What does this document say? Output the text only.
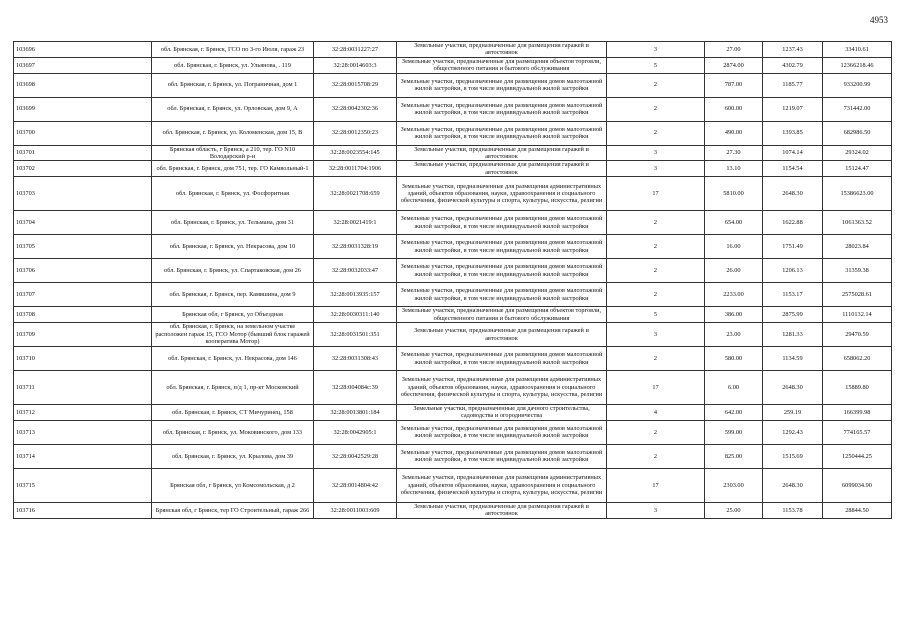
4953
103696	обл. Брянская, г. Брянск, ГСО по 3-го Июля, гараж 23	32:28:0031227:27	Земельные участки, предназначенные для размещения гаражей и автостоянок	3	27.00	1237.43	33410.61
103697	обл. Брянская, г. Брянск, ул. Ульянова, . 119	32:28:0014603:3	Земельные участки, предназначенные для размещения объектов торговли, общественного питания и бытового обслуживания	5	2874.00	4302.79	12366218.46
103698	обл. Брянская, г. Брянск, ул. Пограничная, дом 1	32:28:0015708:29	Земельные участки, предназначенные для размещения домов малоэтажной жилой застройки, в том числе индивидуальной жилой застройки	2	787.00	1185.77	933200.99
103699	обл. Брянская, г. Брянск, ул. Орловская, дом 9, А	32:28:0042302:36	Земельные участки, предназначенные для размещения домов малоэтажной жилой застройки, в том числе индивидуальной жилой застройки	2	600.00	1219.07	731442.00
103700	обл. Брянская, г. Брянск, ул. Коломенская, дом 15, В	32:28:0012350:23	Земельные участки, предназначенные для размещения домов малоэтажной жилой застройки, в том числе индивидуальной жилой застройки	2	490.00	1393.85	682986.50
103701	Брянская область, г Брянск, а 210, тер. ГО N10 Володарский р-н	32:28:0023554:145	Земельные участки, предназначенные для размещения гаражей и автостоянок	3	27.30	1074.14	29324.02
103702	обл. Брянская, г. Брянск, дом 751, тер. ГО Камвольный-1	32:28:0011704:1906	Земельные участки, предназначенные для размещения гаражей и автостоянок	3	13.10	1154.54	15124.47
103703	обл. Брянская, г. Брянск, ул. Фосфоритная	32:28:0021708:659	Земельные участки, предназначенные для размещения административных зданий, объектов образования, науки, здравоохранения и социального обеспечения, физической культуры и спорта, культуры, искусства, религии	17	5810.00	2648.30	15386623.00
103704	обл. Брянская, г. Брянск, ул. Тельмана, дом 31	32:28:0021419:1	Земельные участки, предназначенные для размещения домов малоэтажной жилой застройки, в том числе индивидуальной жилой застройки	2	654.00	1622.88	1061363.52
103705	обл. Брянская, г. Брянск, ул. Некрасова, дом 10	32:28:0031328:19	Земельные участки, предназначенные для размещения домов малоэтажной жилой застройки, в том числе индивидуальной жилой застройки	2	16.00	1751.49	28023.84
103706	обл. Брянская, г. Брянск, ул. Спартаковская, дом 26	32:28:0032033:47	Земельные участки, предназначенные для размещения домов малоэтажной жилой застройки, в том числе индивидуальной жилой застройки	2	26.00	1206.13	31359.38
103707	обл. Брянская, г. Брянск, пер. Камвшина, дом 9	32:28:0013935:157	Земельные участки, предназначенные для размещения домов малоэтажной жилой застройки, в том числе индивидуальной жилой застройки	2	2233.00	1153.17	2575028.61
103708	Брянская обл, г Брянск, ул Объездная	32:28:0030311:140	Земельные участки, предназначенные для размещения объектов торговли, общественного питания и бытового обслуживания	5	386.00	2875.99	1110132.14
103709	обл. Брянская, г. Брянск, на земельном участке расположен гараж 15, ГСО Мотор (бывший блок гаражей кооператива Мотор)	32:28:0031501:351	Земельные участки, предназначенные для размещения гаражей и автостоянок	3	23.00	1281.33	29470.59
103710	обл. Брянская, г. Брянск, ул. Некрасова, дом 146	32:28:0031308:43	Земельные участки, предназначенные для размещения домов малоэтажной жилой застройки, в том числе индивидуальной жилой застройки	2	580.00	1134.59	658062.20
103711	обл. Брянская, г. Брянск, п/д 1, пр-кт Московский	32:28:004084с:39	Земельные участки, предназначенные для размещения административных зданий, объектов образования, науки, здравоохранения и социального обеспечения, физической культуры и спорта, культуры, искусства, религии	17	6.00	2648.30	15889.80
103712	обл. Брянская, г. Брянск, СТ Мичуринец, 158	32:28:0013801:184	Земельные участки, предназначенные для дачного строительства, садоводства и огородничества	4	642.00	259.19	166399.98
103713	обл. Брянская, г. Брянск, ул. Моковинского, дом 133	32:28:0042905:1	Земельные участки, предназначенные для размещения домов малоэтажной жилой застройки, в том числе индивидуальной жилой застройки	2	599.00	1292.43	774165.57
103714	обл. Брянская, г. Брянск, ул. Крылова, дом 39	32:28:0042529:28	Земельные участки, предназначенные для размещения домов малоэтажной жилой застройки, в том числе индивидуальной жилой застройки	2	825.00	1515.69	1250444.25
103715	Брянская обл, г Брянск, ул Комсомольская, д 2	32:28:0014804:42	Земельные участки, предназначенные для размещения административных зданий, объектов образования, науки, здравоохранения и социального обеспечения, физической культуры и спорта, культуры, искусства, религии	17	2303.00	2648.30	6099034.90
103716	Брянская обл, г Брянск, тер ГО Строительный, гараж 266	32:28:0011003:609	Земельные участки, предназначенные для размещения гаражей и автостоянок	3	25.00	1153.78	28844.50
